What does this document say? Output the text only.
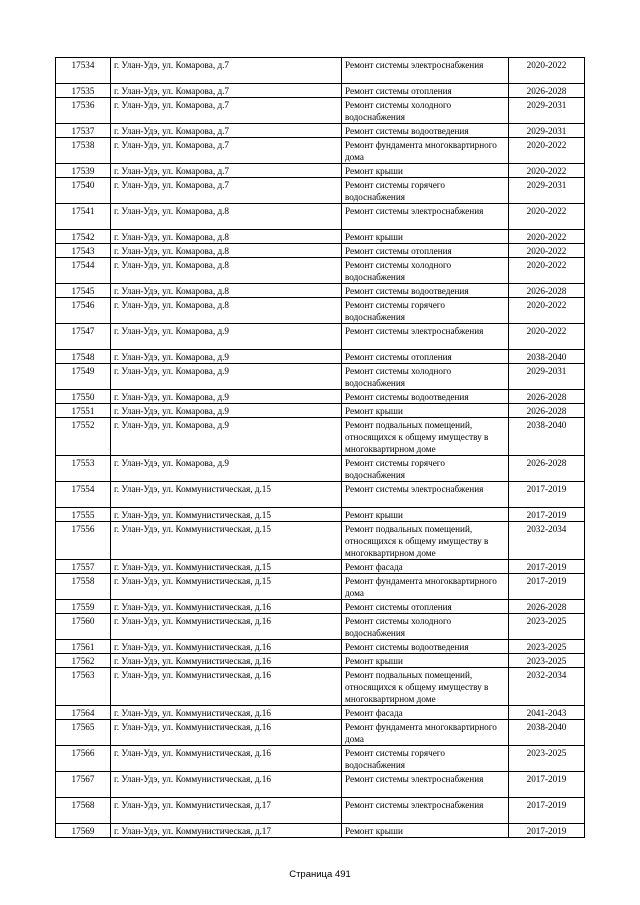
17534	г. Улан-Удэ, ул. Комарова, д.7	Ремонт системы электроснабжения	2020-2022
17535	г. Улан-Удэ, ул. Комарова, д.7	Ремонт системы отопления	2026-2028
17536	г. Улан-Удэ, ул. Комарова, д.7	Ремонт системы холодного водоснабжения	2029-2031
17537	г. Улан-Удэ, ул. Комарова, д.7	Ремонт системы водоотведения	2029-2031
17538	г. Улан-Удэ, ул. Комарова, д.7	Ремонт фундамента многоквартирного дома	2020-2022
17539	г. Улан-Удэ, ул. Комарова, д.7	Ремонт крыши	2020-2022
17540	г. Улан-Удэ, ул. Комарова, д.7	Ремонт системы горячего водоснабжения	2029-2031
17541	г. Улан-Удэ, ул. Комарова, д.8	Ремонт системы электроснабжения	2020-2022
17542	г. Улан-Удэ, ул. Комарова, д.8	Ремонт крыши	2020-2022
17543	г. Улан-Удэ, ул. Комарова, д.8	Ремонт системы отопления	2020-2022
17544	г. Улан-Удэ, ул. Комарова, д.8	Ремонт системы холодного водоснабжения	2020-2022
17545	г. Улан-Удэ, ул. Комарова, д.8	Ремонт системы водоотведения	2026-2028
17546	г. Улан-Удэ, ул. Комарова, д.8	Ремонт системы горячего водоснабжения	2020-2022
17547	г. Улан-Удэ, ул. Комарова, д.9	Ремонт системы электроснабжения	2020-2022
17548	г. Улан-Удэ, ул. Комарова, д.9	Ремонт системы отопления	2038-2040
17549	г. Улан-Удэ, ул. Комарова, д.9	Ремонт системы холодного водоснабжения	2029-2031
17550	г. Улан-Удэ, ул. Комарова, д.9	Ремонт системы водоотведения	2026-2028
17551	г. Улан-Удэ, ул. Комарова, д.9	Ремонт крыши	2026-2028
17552	г. Улан-Удэ, ул. Комарова, д.9	Ремонт подвальных помещений, относящихся к общему имуществу в многоквартирном доме	2038-2040
17553	г. Улан-Удэ, ул. Комарова, д.9	Ремонт системы горячего водоснабжения	2026-2028
17554	г. Улан-Удэ, ул. Коммунистическая, д.15	Ремонт системы электроснабжения	2017-2019
17555	г. Улан-Удэ, ул. Коммунистическая, д.15	Ремонт крыши	2017-2019
17556	г. Улан-Удэ, ул. Коммунистическая, д.15	Ремонт подвальных помещений, относящихся к общему имуществу в многоквартирном доме	2032-2034
17557	г. Улан-Удэ, ул. Коммунистическая, д.15	Ремонт фасада	2017-2019
17558	г. Улан-Удэ, ул. Коммунистическая, д.15	Ремонт фундамента многоквартирного дома	2017-2019
17559	г. Улан-Удэ, ул. Коммунистическая, д.16	Ремонт системы отопления	2026-2028
17560	г. Улан-Удэ, ул. Коммунистическая, д.16	Ремонт системы холодного водоснабжения	2023-2025
17561	г. Улан-Удэ, ул. Коммунистическая, д.16	Ремонт системы водоотведения	2023-2025
17562	г. Улан-Удэ, ул. Коммунистическая, д.16	Ремонт крыши	2023-2025
17563	г. Улан-Удэ, ул. Коммунистическая, д.16	Ремонт подвальных помещений, относящихся к общему имуществу в многоквартирном доме	2032-2034
17564	г. Улан-Удэ, ул. Коммунистическая, д.16	Ремонт фасада	2041-2043
17565	г. Улан-Удэ, ул. Коммунистическая, д.16	Ремонт фундамента многоквартирного дома	2038-2040
17566	г. Улан-Удэ, ул. Коммунистическая, д.16	Ремонт системы горячего водоснабжения	2023-2025
17567	г. Улан-Удэ, ул. Коммунистическая, д.16	Ремонт системы электроснабжения	2017-2019
17568	г. Улан-Удэ, ул. Коммунистическая, д.17	Ремонт системы электроснабжения	2017-2019
17569	г. Улан-Удэ, ул. Коммунистическая, д.17	Ремонт крыши	2017-2019
Страница 491
